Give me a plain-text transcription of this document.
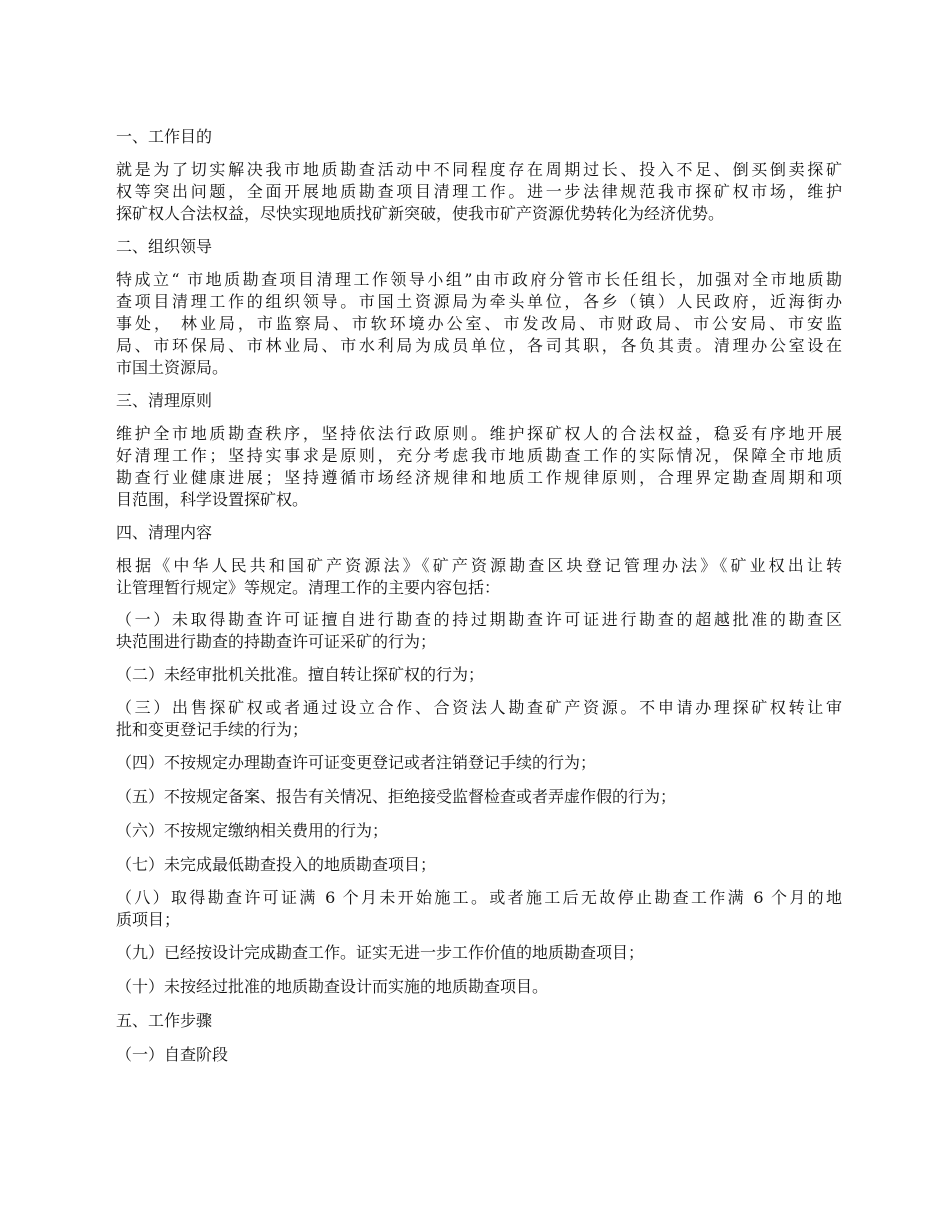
一、工作目的
就是为了切实解决我市地质勘查活动中不同程度存在周期过长、投入不足、倒买倒卖探矿
权等突出问题，全面开展地质勘查项目清理工作。进一步法律规范我市探矿权市场，维护
探矿权人合法权益，尽快实现地质找矿新突破，使我市矿产资源优势转化为经济优势。
二、组织领导
特成立“ 市地质勘查项目清理工作领导小组”由市政府分管市长任组长，加强对全市地质勘
查项目清理工作的组织领导。市国土资源局为牵头单位，各乡（镇）人民政府，近海街办
事处， 林业局，市监察局、市软环境办公室、市发改局、市财政局、市公安局、市安监
局、市环保局、市林业局、市水利局为成员单位，各司其职，各负其责。清理办公室设在
市国土资源局。
三、清理原则
维护全市地质勘查秩序，坚持依法行政原则。维护探矿权人的合法权益，稳妥有序地开展
好清理工作；坚持实事求是原则，充分考虑我市地质勘查工作的实际情况，保障全市地质
勘查行业健康进展；坚持遵循市场经济规律和地质工作规律原则，合理界定勘查周期和项
目范围，科学设置探矿权。
四、清理内容
根据《中华人民共和国矿产资源法》《矿产资源勘查区块登记管理办法》《矿业权出让转
让管理暂行规定》等规定。清理工作的主要内容包括：
（一）未取得勘查许可证擅自进行勘查的持过期勘查许可证进行勘查的超越批准的勘查区
块范围进行勘查的持勘查许可证采矿的行为；
（二）未经审批机关批准。擅自转让探矿权的行为；
（三）出售探矿权或者通过设立合作、合资法人勘查矿产资源。不申请办理探矿权转让审
批和变更登记手续的行为；
（四）不按规定办理勘查许可证变更登记或者注销登记手续的行为；
（五）不按规定备案、报告有关情况、拒绝接受监督检查或者弄虚作假的行为；
（六）不按规定缴纳相关费用的行为；
（七）未完成最低勘查投入的地质勘查项目；
（八）取得勘查许可证满 6 个月未开始施工。或者施工后无故停止勘查工作满 6 个月的地
质项目；
（九）已经按设计完成勘查工作。证实无进一步工作价值的地质勘查项目；
（十）未按经过批准的地质勘查设计而实施的地质勘查项目。
五、工作步骤
（一）自查阶段
